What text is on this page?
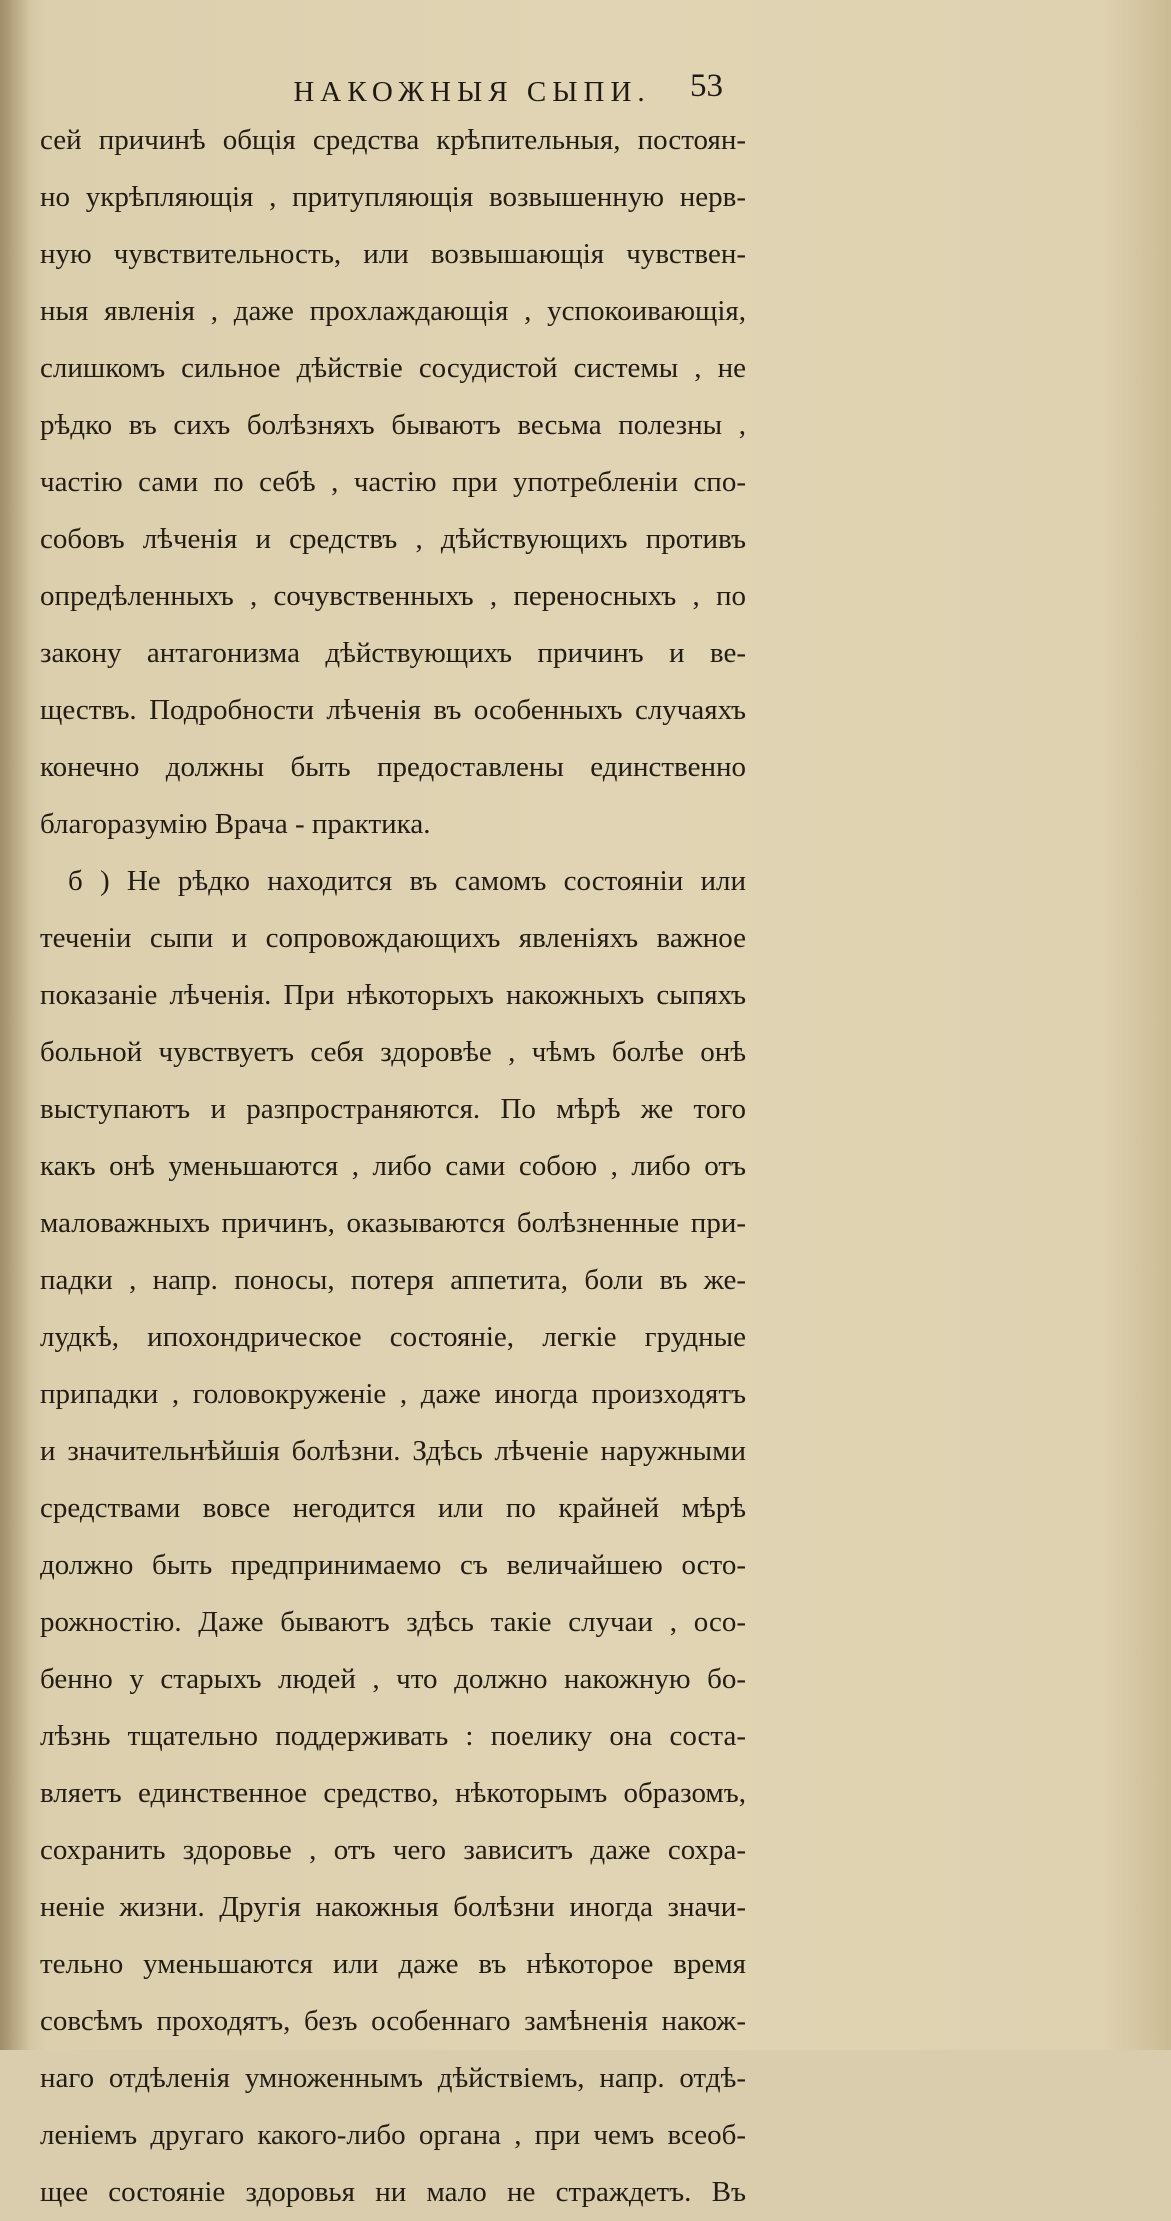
НАКОЖНЫЯ СЫПИ.	53
сей причинѣ общія средства крѣпительныя, постоян-
но укрѣпляющія , притупляющія возвышенную нерв-
ную чувствительность, или возвышающія чувствен-
ныя явленія , даже прохлаждающія , успокоивающія,
слишкомъ сильное дѣйствіе сосудистой системы , не
рѣдко въ сихъ болѣзняхъ бываютъ весьма полезны ,
частію сами по себѣ , частію при употребленіи спо-
собовъ лѣченія и средствъ , дѣйствующихъ противъ
опредѣленныхъ , сочувственныхъ , переносныхъ , по
закону антагонизма дѣйствующихъ причинъ и ве-
ществъ. Подробности лѣченія въ особенныхъ случаяхъ
конечно должны быть предоставлены единственно
благоразумію Врача - практика.
б ) Не рѣдко находится въ самомъ состояніи или
теченіи сыпи и сопровождающихъ явленіяхъ важное
показаніе лѣченія. При нѣкоторыхъ накожныхъ сыпяхъ
больной чувствуетъ себя здоровѣе , чѣмъ болѣе онѣ
выступаютъ и разпространяются. По мѣрѣ же того
какъ онѣ уменьшаются , либо сами собою , либо отъ
маловажныхъ причинъ, оказываются болѣзненные при-
падки , напр. поносы, потеря аппетита, боли въ же-
лудкѣ, ипохондрическое состояніе, легкіе грудные
припадки , головокруженіе , даже иногда произходятъ
и значительнѣйшія болѣзни. Здѣсь лѣченіе наружными
средствами вовсе негодится или по крайней мѣрѣ
должно быть предпринимаемо съ величайшею осто-
рожностію. Даже бываютъ здѣсь такіе случаи , осо-
бенно у старыхъ людей , что должно накожную бо-
лѣзнь тщательно поддерживать : поелику она соста-
вляетъ единственное средство, нѣкоторымъ образомъ,
сохранить здоровье , отъ чего зависитъ даже сохра-
неніе жизни. Другія накожныя болѣзни иногда значи-
тельно уменьшаются или даже въ нѣкоторое время
совсѣмъ проходятъ, безъ особеннаго замѣненія накож-
наго отдѣленія умноженнымъ дѣйствіемъ, напр. отдѣ-
леніемъ другаго какого-либо органа , при чемъ всеоб-
щее состояніе здоровья ни мало не страждетъ. Въ
